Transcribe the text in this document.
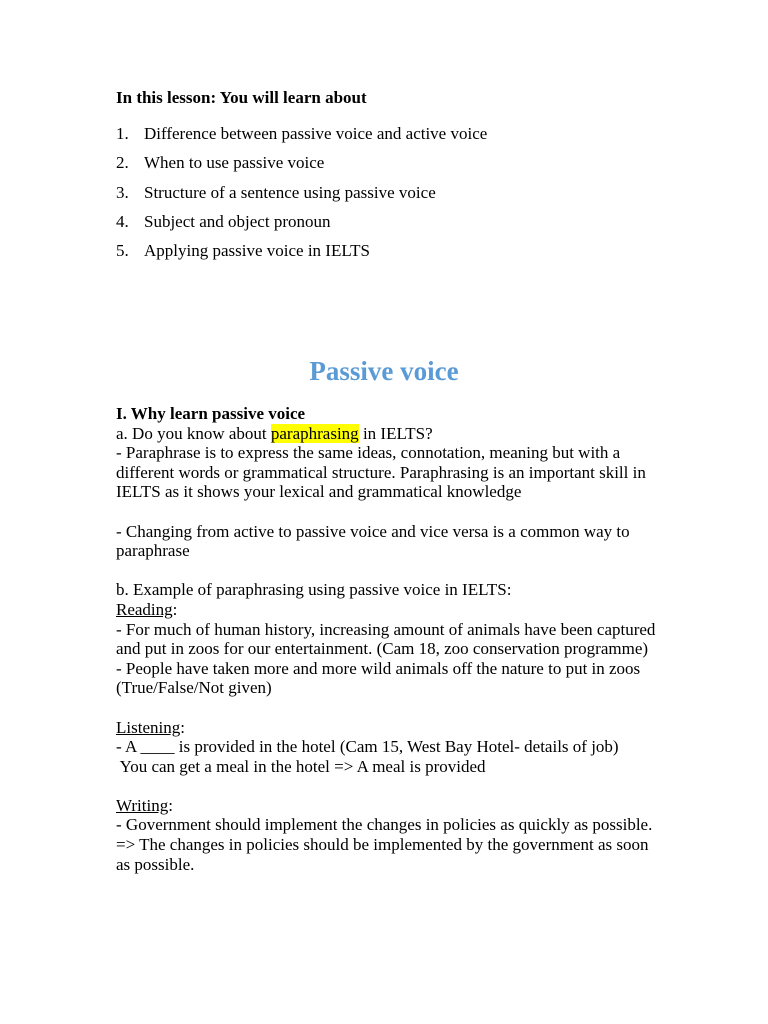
In this lesson: You will learn about
1. Difference between passive voice and active voice
2. When to use passive voice
3. Structure of a sentence using passive voice
4. Subject and object pronoun
5. Applying passive voice in IELTS
Passive voice
I. Why learn passive voice
a. Do you know about paraphrasing in IELTS?
- Paraphrase is to express the same ideas, connotation, meaning but with a different words or grammatical structure. Paraphrasing is an important skill in IELTS as it shows your lexical and grammatical knowledge
- Changing from active to passive voice and vice versa is a common way to paraphrase
b. Example of paraphrasing using passive voice in IELTS:
Reading:
- For much of human history, increasing amount of animals have been captured and put in zoos for our entertainment. (Cam 18, zoo conservation programme)
- People have taken more and more wild animals off the nature to put in zoos (True/False/Not given)
Listening:
- A ____ is provided in the hotel (Cam 15, West Bay Hotel- details of job)
You can get a meal in the hotel => A meal is provided
Writing:
- Government should implement the changes in policies as quickly as possible.
=> The changes in policies should be implemented by the government as soon as possible.
